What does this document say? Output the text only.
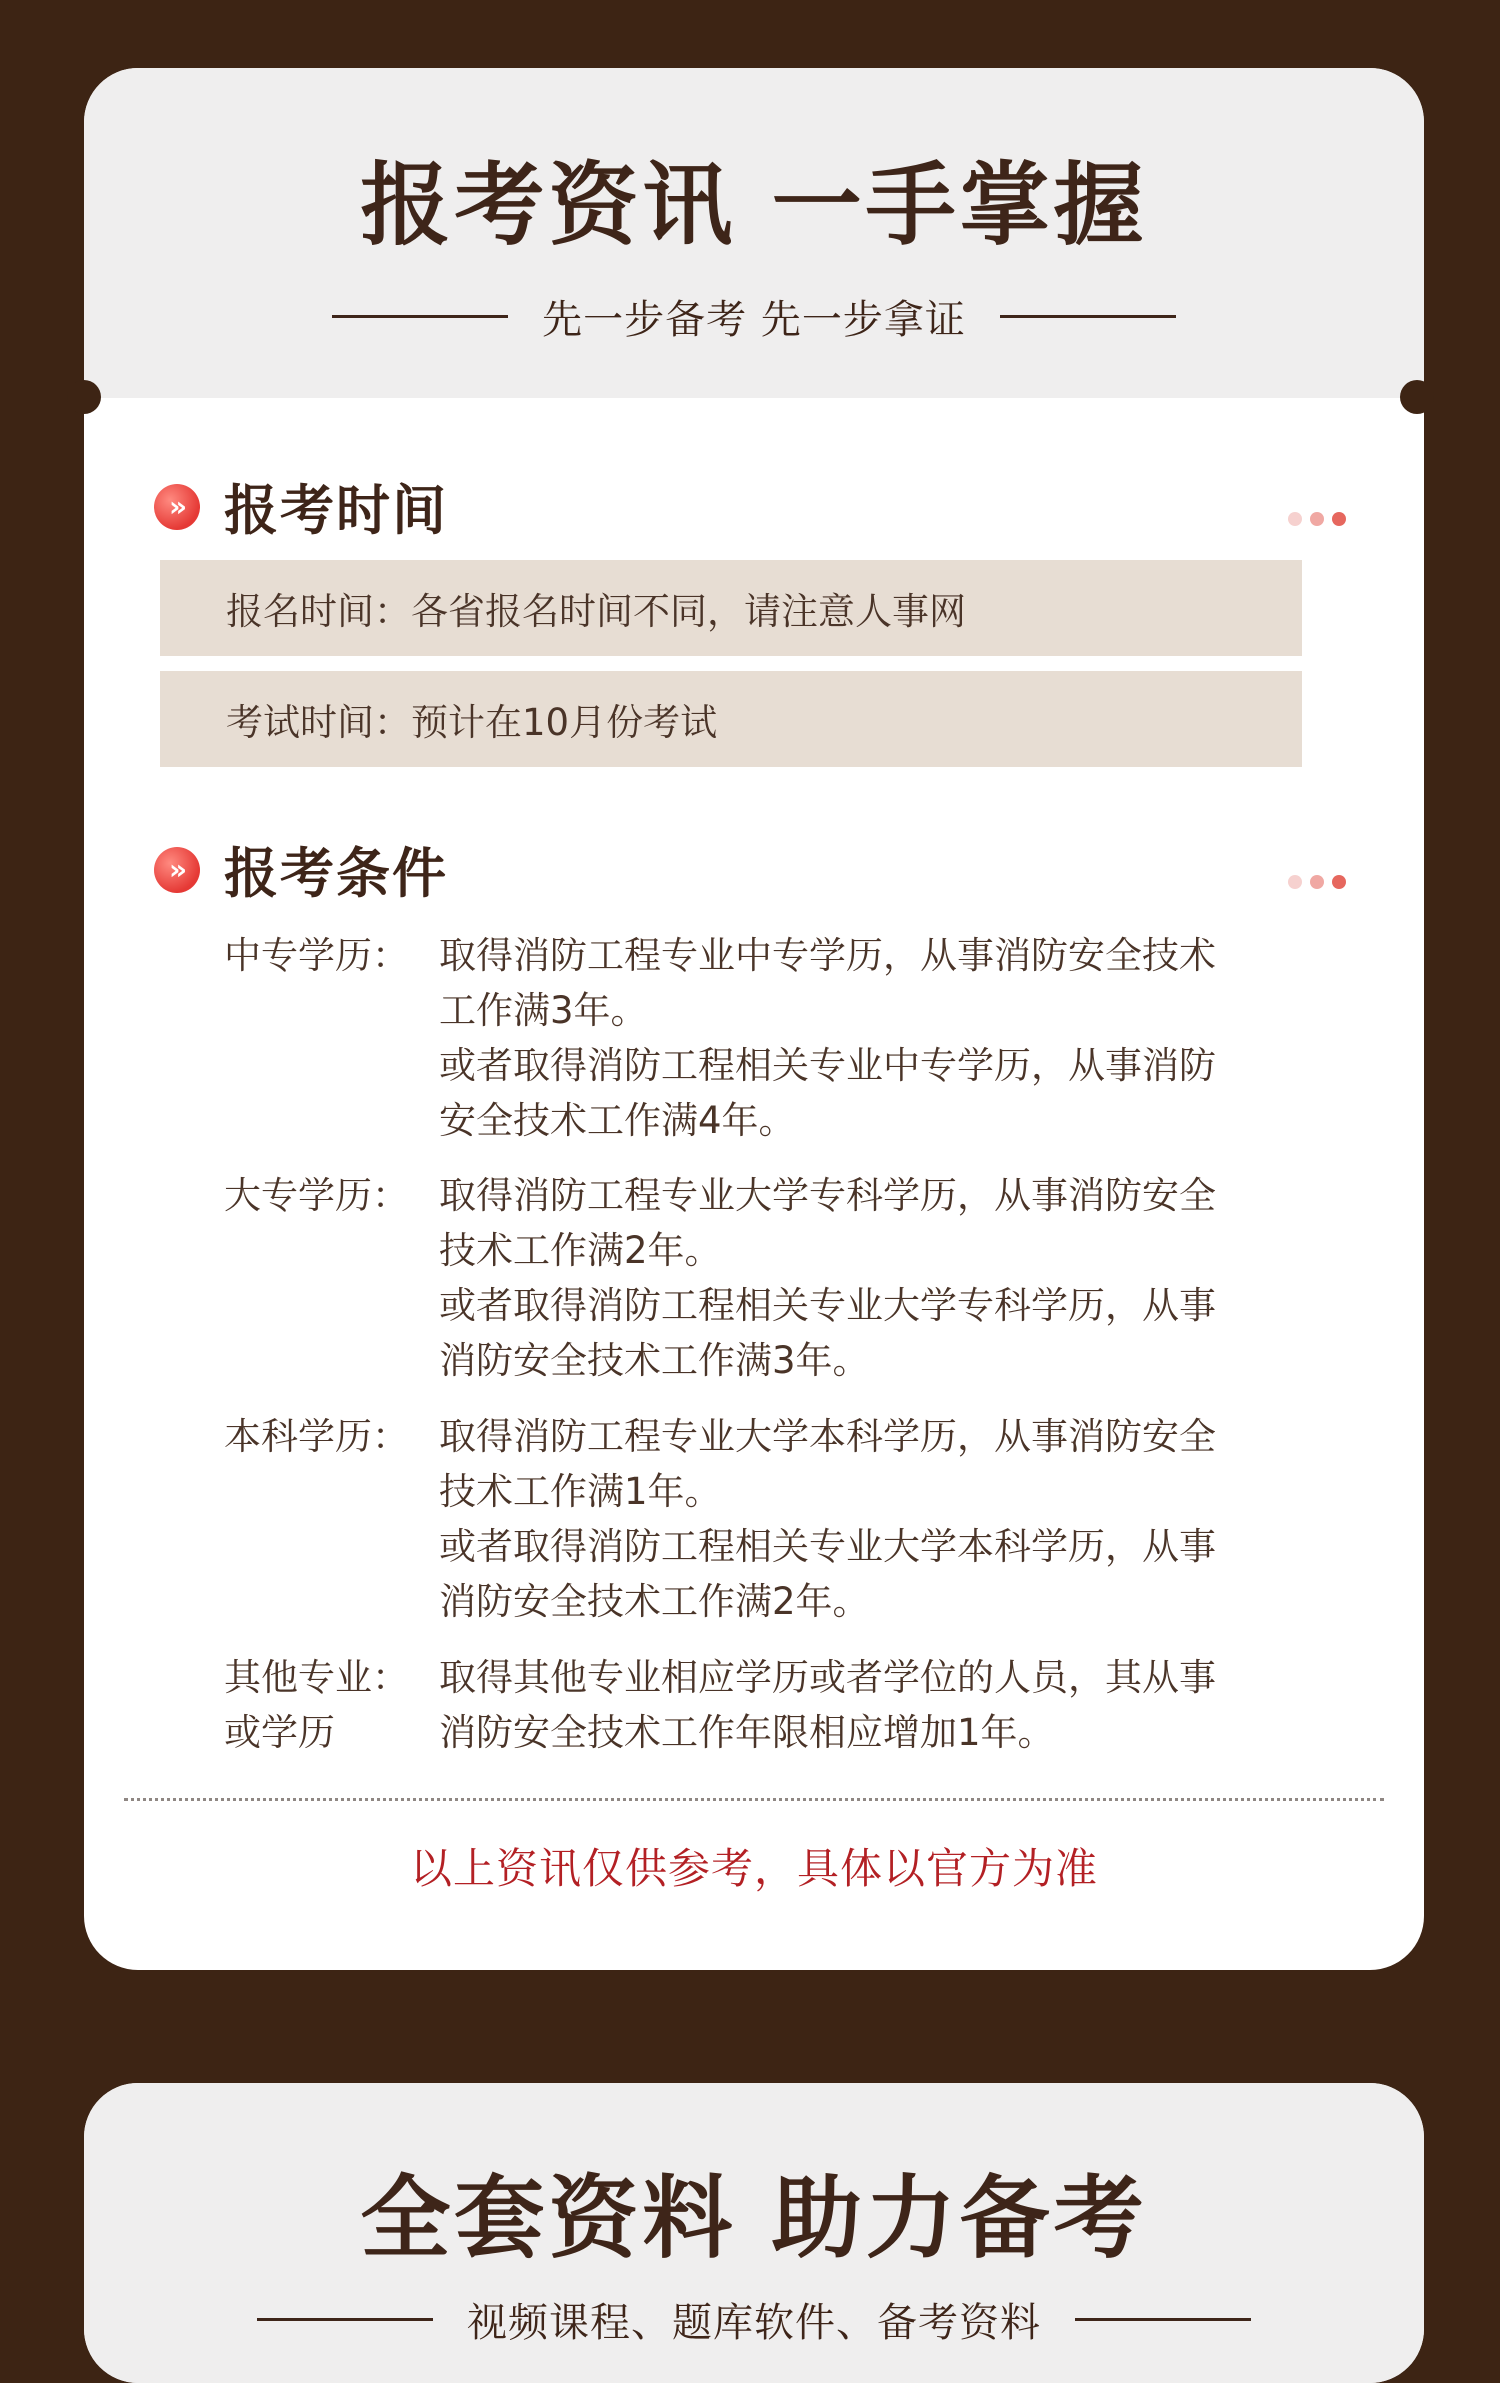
报考资讯 一手掌握
先一步备考 先一步拿证
» 报考时间
报名时间：各省报名时间不同，请注意人事网
考试时间：预计在10月份考试
» 报考条件
中专学历： 取得消防工程专业中专学历，从事消防安全技术

工作满3年。

或者取得消防工程相关专业中专学历，从事消防

安全技术工作满4年。

大专学历： 取得消防工程专业大学专科学历，从事消防安全

技术工作满2年。

或者取得消防工程相关专业大学专科学历，从事

消防安全技术工作满3年。

本科学历： 取得消防工程专业大学本科学历，从事消防安全

技术工作满1年。

或者取得消防工程相关专业大学本科学历，从事

消防安全技术工作满2年。

其他专业：
或学历

取得其他专业相应学历或者学位的人员，其从事

消防安全技术工作年限相应增加1年。

以上资讯仅供参考，具体以官方为准
全套资料 助力备考
视频课程、题库软件、备考资料
